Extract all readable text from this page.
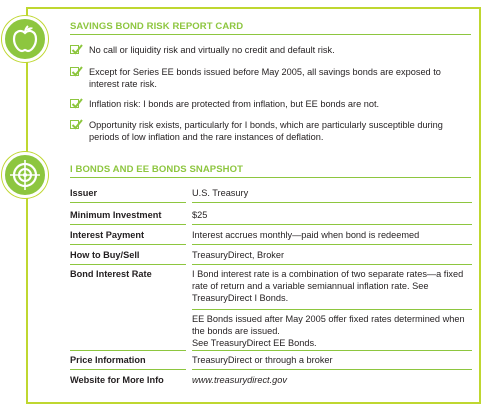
SAVINGS BOND RISK REPORT CARD
No call or liquidity risk and virtually no credit and default risk.
Except for Series EE bonds issued before May 2005, all savings bonds are exposed to interest rate risk.
Inflation risk: I bonds are protected from inflation, but EE bonds are not.
Opportunity risk exists, particularly for I bonds, which are particularly susceptible during periods of low inflation and the rare instances of deflation.
I BONDS AND EE BONDS SNAPSHOT
Issuer	U.S. Treasury
Minimum Investment	$25
Interest Payment	Interest accrues monthly—paid when bond is redeemed
How to Buy/Sell	TreasuryDirect, Broker
Bond Interest Rate	I Bond interest rate is a combination of two separate rates—a fixed rate of return and a variable semiannual inflation rate. See TreasuryDirect I Bonds.
EE Bonds issued after May 2005 offer fixed rates determined when the bonds are issued.
See TreasuryDirect EE Bonds.
Price Information	TreasuryDirect or through a broker
Website for More Info	www.treasurydirect.gov
